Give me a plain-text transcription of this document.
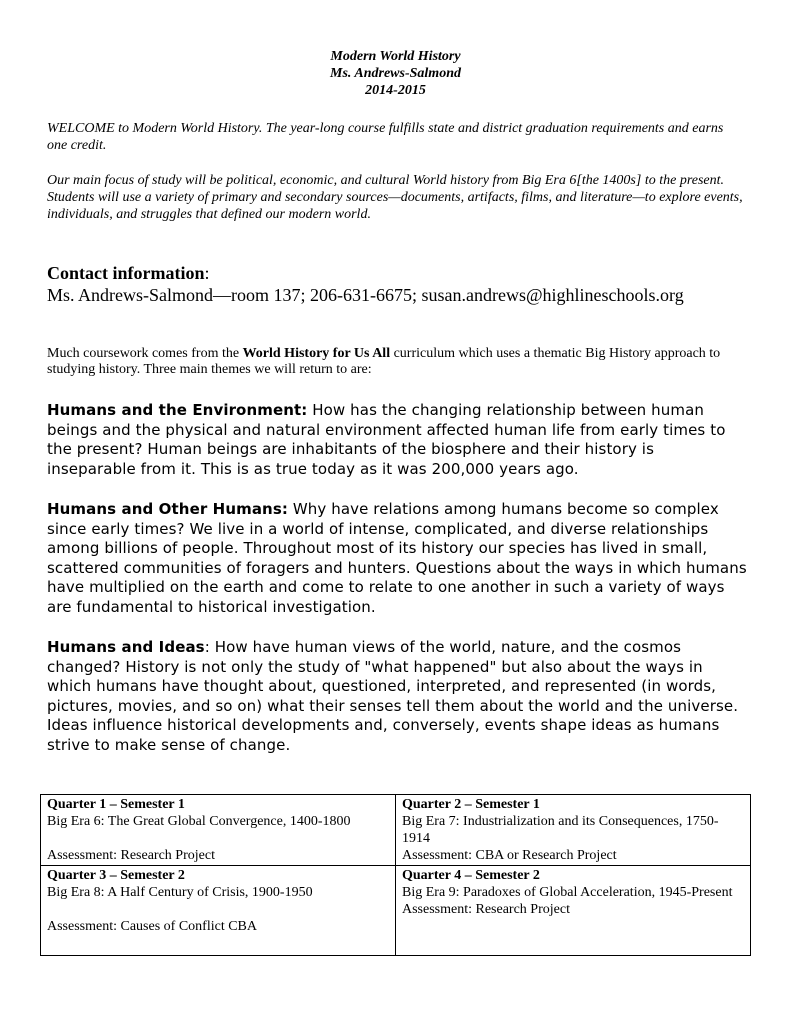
Modern World History
Ms. Andrews-Salmond
2014-2015

WELCOME to Modern World History. The year-long course fulfills state and district graduation requirements and earns one credit.

Our main focus of study will be political, economic, and cultural World history from Big Era 6[the 1400s] to the present. Students will use a variety of primary and secondary sources—documents, artifacts, films, and literature—to explore events, individuals, and struggles that defined our modern world.

Contact information:
Ms. Andrews-Salmond—room 137; 206-631-6675; susan.andrews@highlineschools.org

Much coursework comes from the World History for Us All curriculum which uses a thematic Big History approach to studying history. Three main themes we will return to are:

Humans and the Environment: How has the changing relationship between human beings and the physical and natural environment affected human life from early times to the present? Human beings are inhabitants of the biosphere and their history is inseparable from it. This is as true today as it was 200,000 years ago.

Humans and Other Humans: Why have relations among humans become so complex since early times? We live in a world of intense, complicated, and diverse relationships among billions of people. Throughout most of its history our species has lived in small, scattered communities of foragers and hunters. Questions about the ways in which humans have multiplied on the earth and come to relate to one another in such a variety of ways are fundamental to historical investigation.

Humans and Ideas: How have human views of the world, nature, and the cosmos changed? History is not only the study of "what happened" but also about the ways in which humans have thought about, questioned, interpreted, and represented (in words, pictures, movies, and so on) what their senses tell them about the world and the universe. Ideas influence historical developments and, conversely, events shape ideas as humans strive to make sense of change.

Quarter 1 – Semester 1
Big Era 6: The Great Global Convergence, 1400-1800
Assessment: Research Project	Quarter 2 – Semester 1
Big Era 7: Industrialization and its Consequences, 1750-1914
Assessment: CBA or Research Project

Quarter 3 – Semester 2
Big Era 8: A Half Century of Crisis, 1900-1950
Assessment: Causes of Conflict CBA	Quarter 4 – Semester 2
Big Era 9: Paradoxes of Global Acceleration, 1945-Present
Assessment: Research Project
